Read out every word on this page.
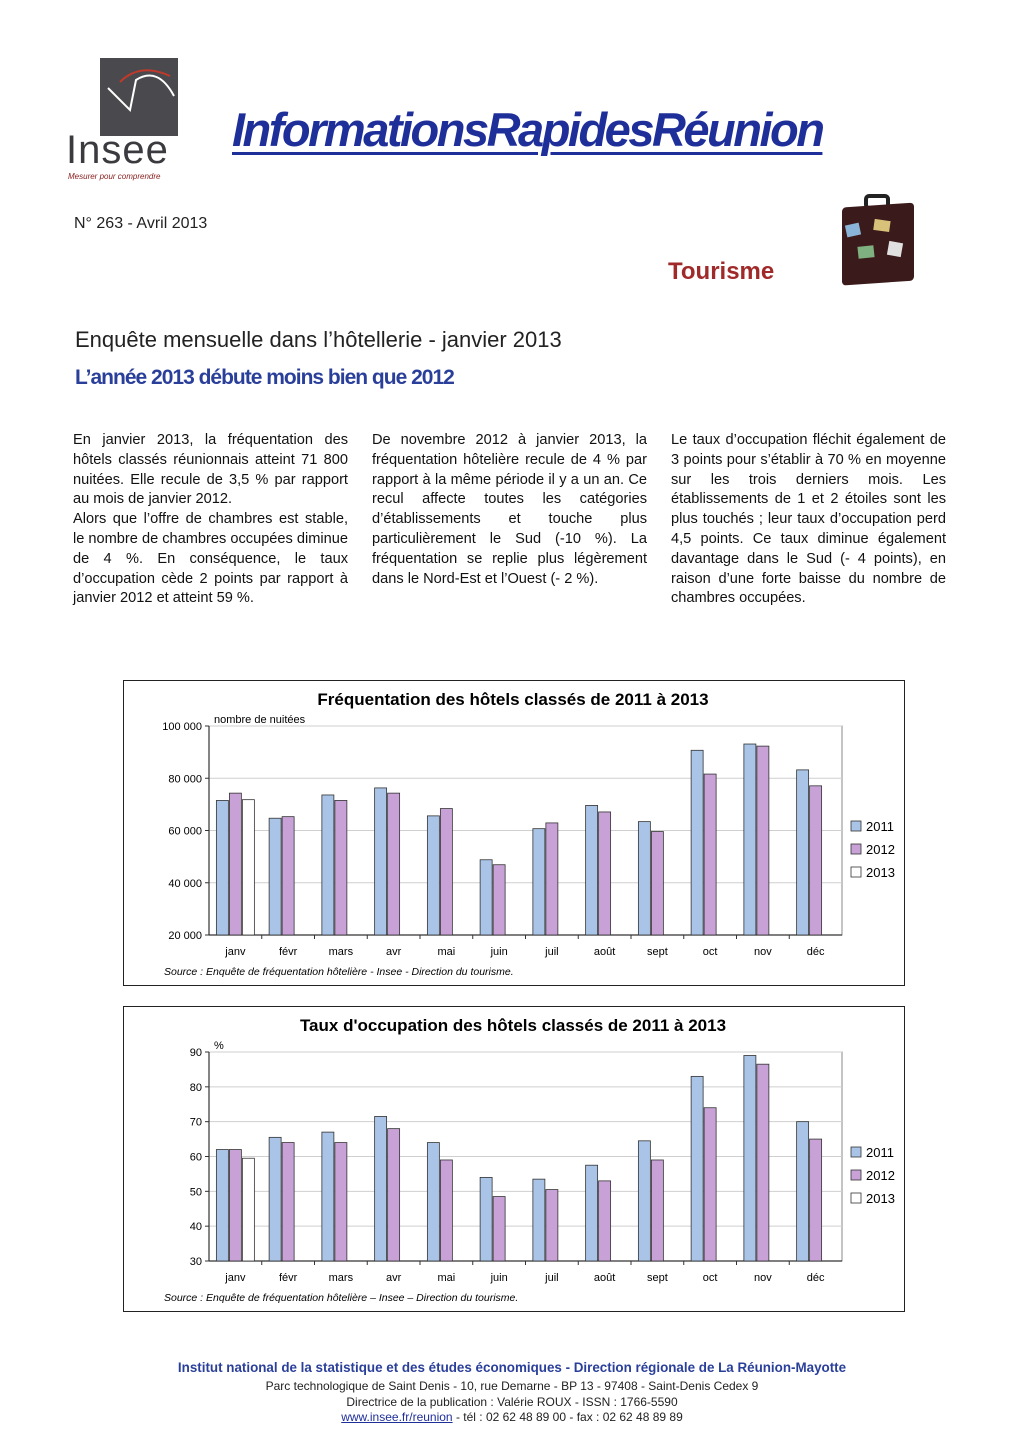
Insee
Mesurer pour comprendre
InformationsRapidesRéunion
N° 263 - Avril 2013
Tourisme
Enquête mensuelle dans l’hôtellerie - janvier 2013
L’année 2013 débute moins bien que 2012

En janvier 2013, la fréquentation des hôtels classés réunionnais atteint 71 800 nuitées. Elle recule de 3,5 % par rapport au mois de janvier 2012.

Alors que l’offre de chambres est stable, le nombre de chambres occupées diminue de 4 %. En conséquence, le taux d’occupation cède 2 points par rapport à janvier 2012 et atteint 59 %.

De novembre 2012 à janvier 2013, la fréquentation hôtelière recule de 4 % par rapport à la même période il y a un an. Ce recul affecte toutes les catégories d’établissements et touche plus particulièrement le Sud (-10 %). La fréquentation se replie plus légèrement dans le Nord-Est et l’Ouest (- 2 %).

Le taux d’occupation fléchit également de 3 points pour s’établir à 70 % en moyenne sur les trois derniers mois. Les établissements de 1 et 2 étoiles sont les plus touchés ; leur taux d’occupation perd 4,5 points. Ce taux diminue également davantage dans le Sud (- 4 points), en raison d’une forte baisse du nombre de chambres occupées.

Fréquentation des hôtels classés de 2011 à 2013
20 000
40 000
60 000
80 000
100 000
nombre de nuitées
janv	févr	mars	avr	mai	juin	juil	août	sept	oct	nov	déc
2011
2012
2013
Source : Enquête de fréquentation hôtelière - Insee - Direction du tourisme.
Taux d'occupation des hôtels classés de 2011 à 2013
30
40
50
60
70
80
90
%
janv	févr	mars	avr	mai	juin	juil	août	sept	oct	nov	déc
2011
2012
2013
Source : Enquête de fréquentation hôtelière – Insee – Direction du tourisme.
Institut national de la statistique et des études économiques - Direction régionale de La Réunion-Mayotte
Parc technologique de Saint Denis - 10, rue Demarne - BP 13 - 97408 - Saint-Denis Cedex 9
Directrice de la publication : Valérie ROUX - ISSN : 1766-5590
www.insee.fr/reunion - tél : 02 62 48 89 00 - fax : 02 62 48 89 89
